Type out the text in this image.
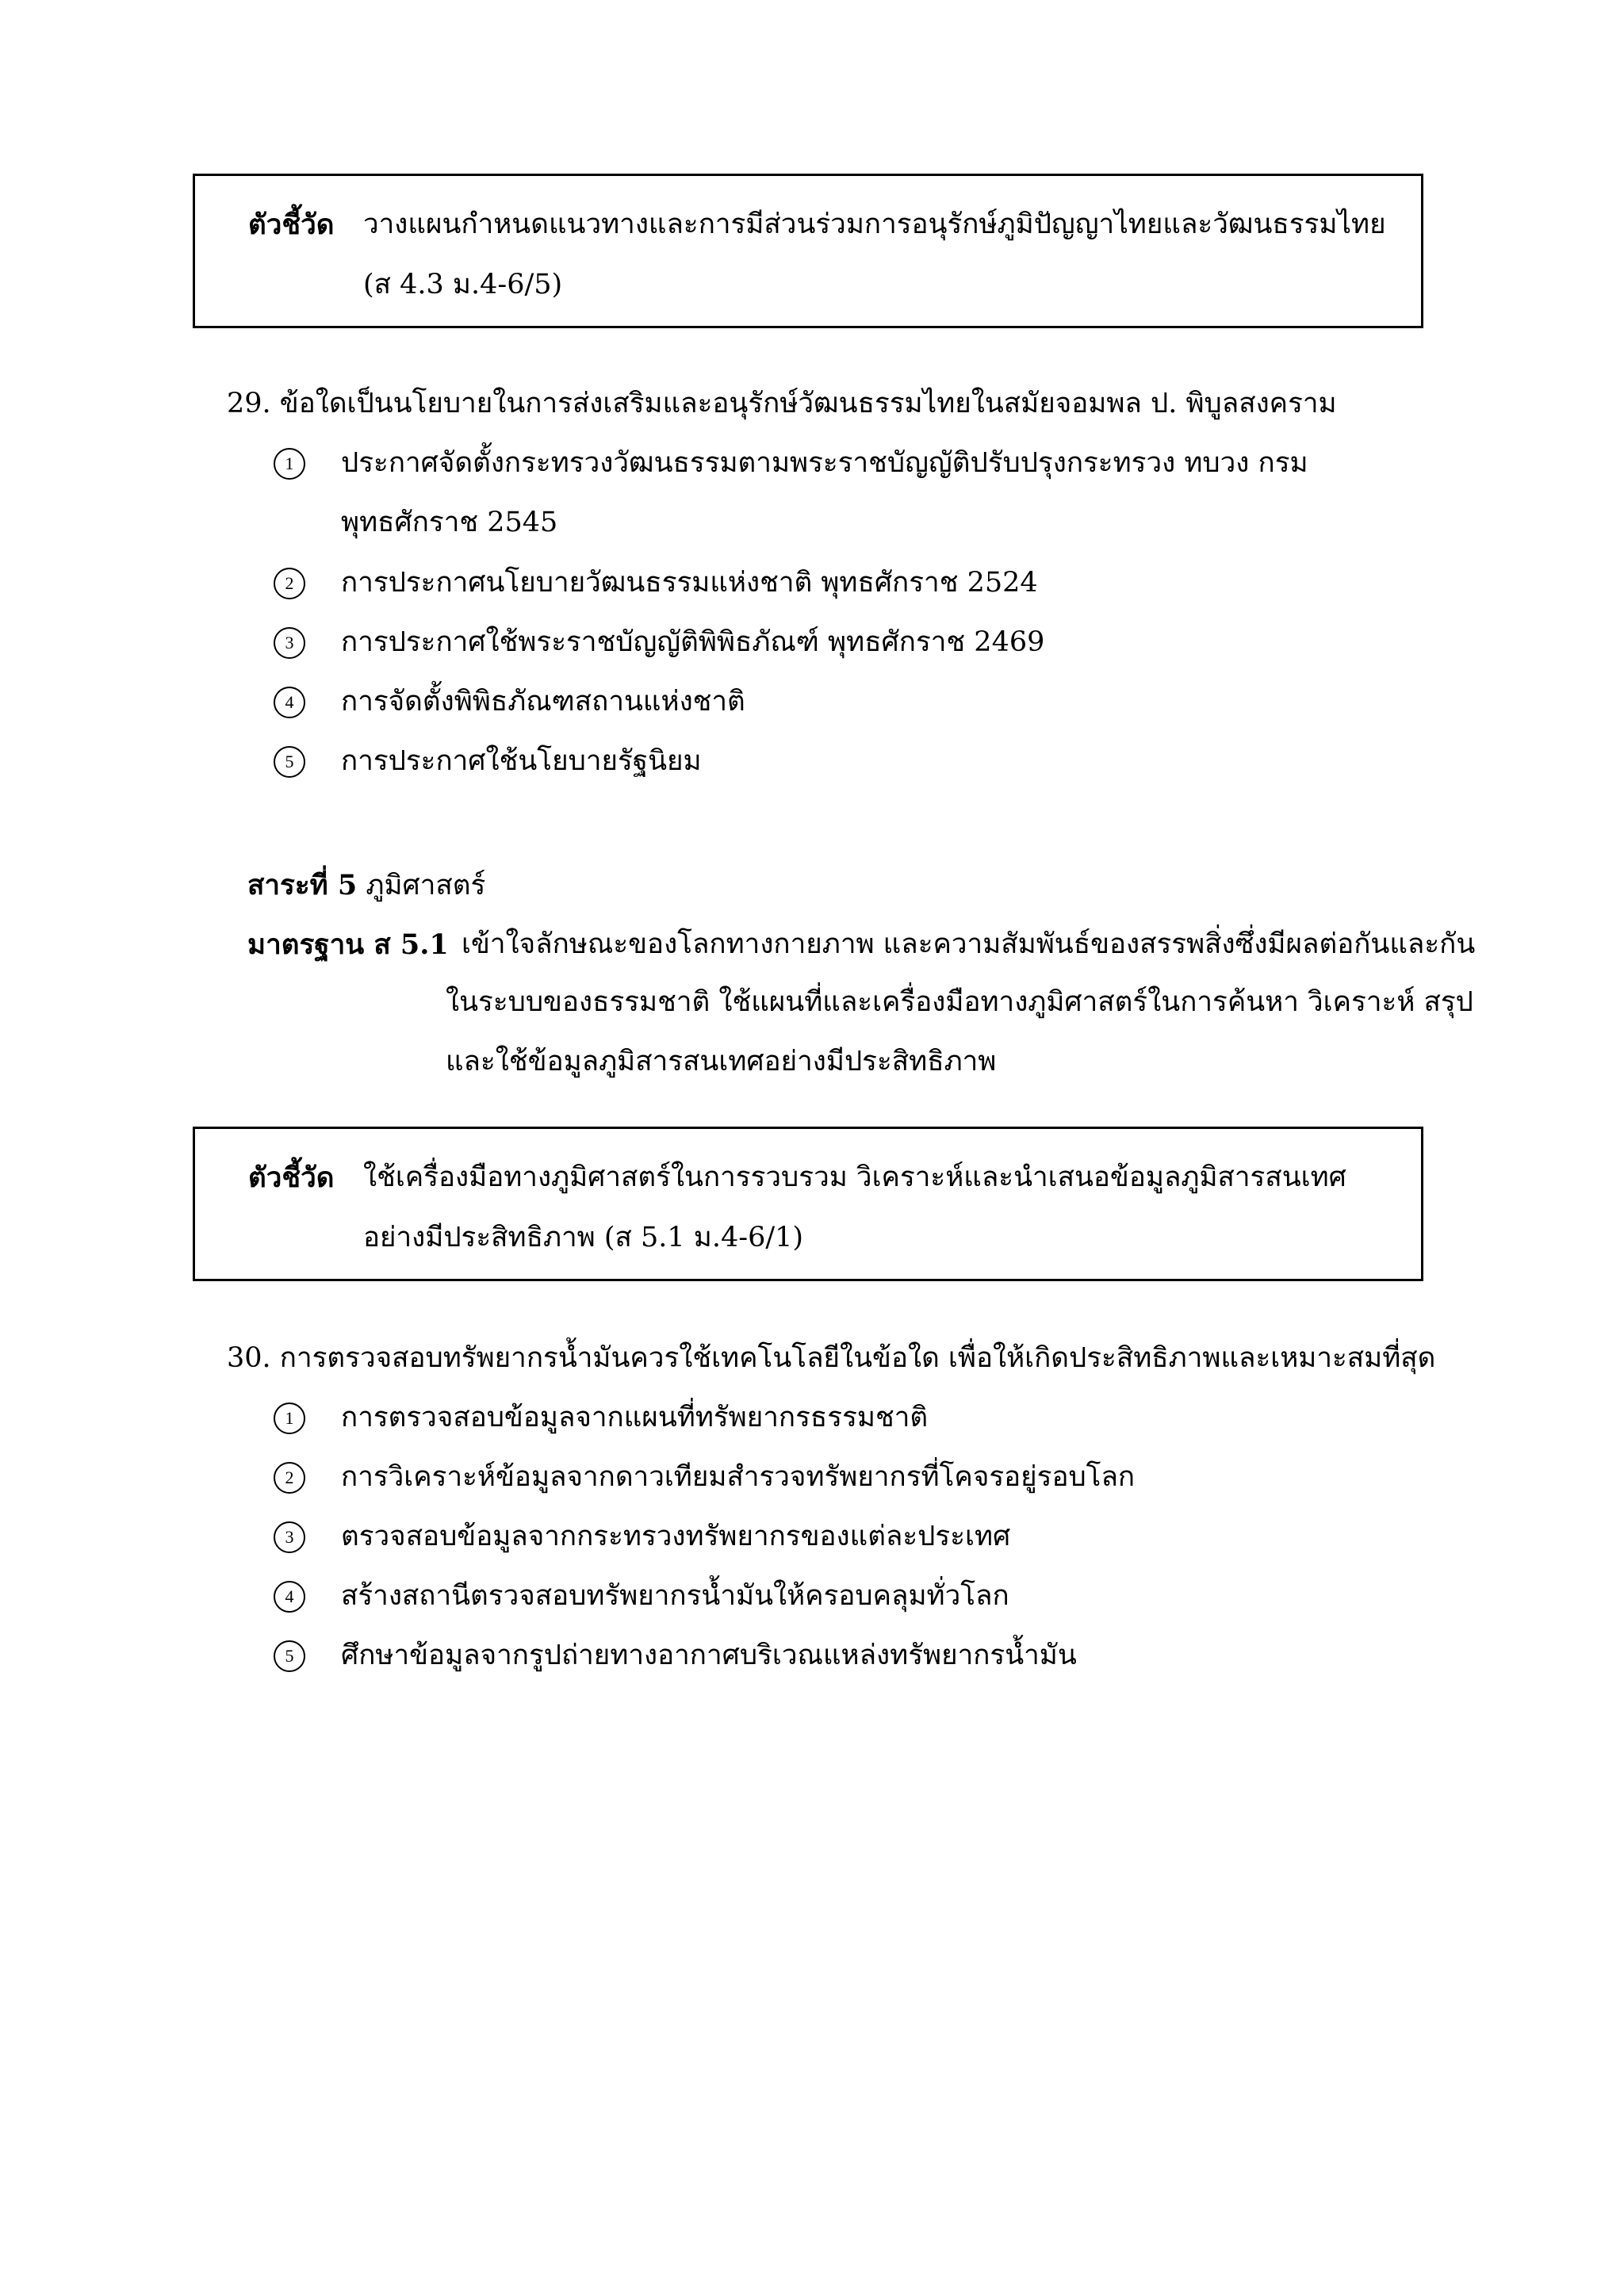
ตัวชี้วัด วางแผนกำหนดแนวทางและการมีส่วนร่วมการอนุรักษ์ภูมิปัญญาไทยและวัฒนธรรมไทย
(ส 4.3 ม.4-6/5)
29. ข้อใดเป็นนโยบายในการส่งเสริมและอนุรักษ์วัฒนธรรมไทยในสมัยจอมพล ป. พิบูลสงคราม
1	ประกาศจัดตั้งกระทรวงวัฒนธรรมตามพระราชบัญญัติปรับปรุงกระทรวง ทบวง กรม
พุทธศักราช 2545
2	การประกาศนโยบายวัฒนธรรมแห่งชาติ พุทธศักราช 2524
3	การประกาศใช้พระราชบัญญัติพิพิธภัณฑ์ พุทธศักราช 2469
4	การจัดตั้งพิพิธภัณฑสถานแห่งชาติ
5	การประกาศใช้นโยบายรัฐนิยม
สาระที่ 5 ภูมิศาสตร์
มาตรฐาน ส 5.1 เข้าใจลักษณะของโลกทางกายภาพ และความสัมพันธ์ของสรรพสิ่งซึ่งมีผลต่อกันและกัน
ในระบบของธรรมชาติ ใช้แผนที่และเครื่องมือทางภูมิศาสตร์ในการค้นหา วิเคราะห์ สรุป
และใช้ข้อมูลภูมิสารสนเทศอย่างมีประสิทธิภาพ
ตัวชี้วัด ใช้เครื่องมือทางภูมิศาสตร์ในการรวบรวม วิเคราะห์และนำเสนอข้อมูลภูมิสารสนเทศ
อย่างมีประสิทธิภาพ (ส 5.1 ม.4-6/1)
30. การตรวจสอบทรัพยากรน้ำมันควรใช้เทคโนโลยีในข้อใด เพื่อให้เกิดประสิทธิภาพและเหมาะสมที่สุด
1	การตรวจสอบข้อมูลจากแผนที่ทรัพยากรธรรมชาติ
2	การวิเคราะห์ข้อมูลจากดาวเทียมสำรวจทรัพยากรที่โคจรอยู่รอบโลก
3	ตรวจสอบข้อมูลจากกระทรวงทรัพยากรของแต่ละประเทศ
4	สร้างสถานีตรวจสอบทรัพยากรน้ำมันให้ครอบคลุมทั่วโลก
5	ศึกษาข้อมูลจากรูปถ่ายทางอากาศบริเวณแหล่งทรัพยากรน้ำมัน
